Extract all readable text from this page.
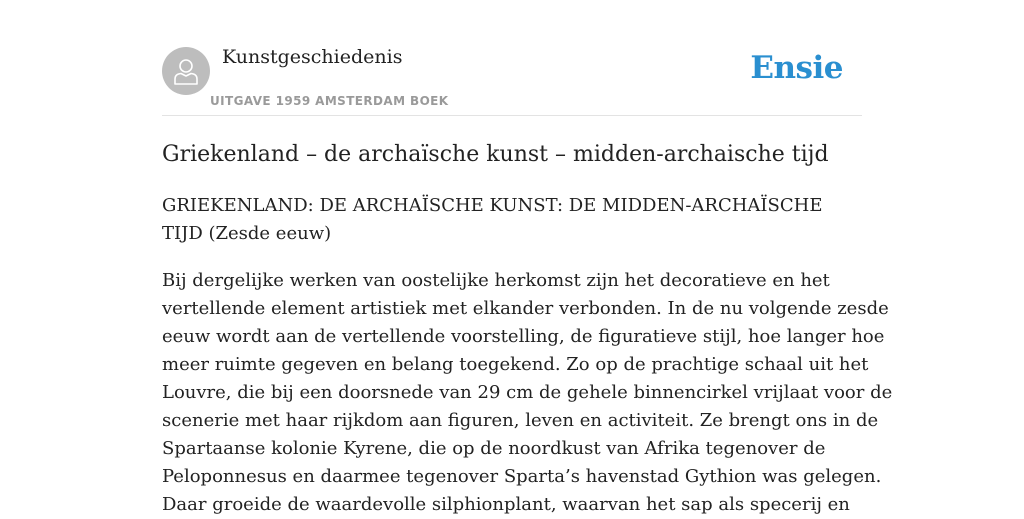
Kunstgeschiedenis
UITGAVE 1959 AMSTERDAM BOEK
Ensie
Griekenland – de archaïsche kunst – midden-archaische tijd

GRIEKENLAND: DE ARCHAÏSCHE KUNST: DE MIDDEN-ARCHAÏSCHE TIJD (Zesde eeuw)

Bij dergelijke werken van oostelijke herkomst zijn het decoratieve en het
vertellende element artistiek met elkander verbonden. In de nu volgende zesde
eeuw wordt aan de vertellende voorstelling, de figuratieve stijl, hoe langer hoe
meer ruimte gegeven en belang toegekend. Zo op de prachtige schaal uit het
Louvre, die bij een doorsnede van 29 cm de gehele binnencirkel vrijlaat voor de
scenerie met haar rijkdom aan figuren, leven en activiteit. Ze brengt ons in de
Spartaanse kolonie Kyrene, die op de noordkust van Afrika tegenover de
Peloponnesus en daarmee tegenover Sparta’s havenstad Gythion was gelegen.
Daar groeide de waardevolle silphionplant, waarvan het sap als specerij en
